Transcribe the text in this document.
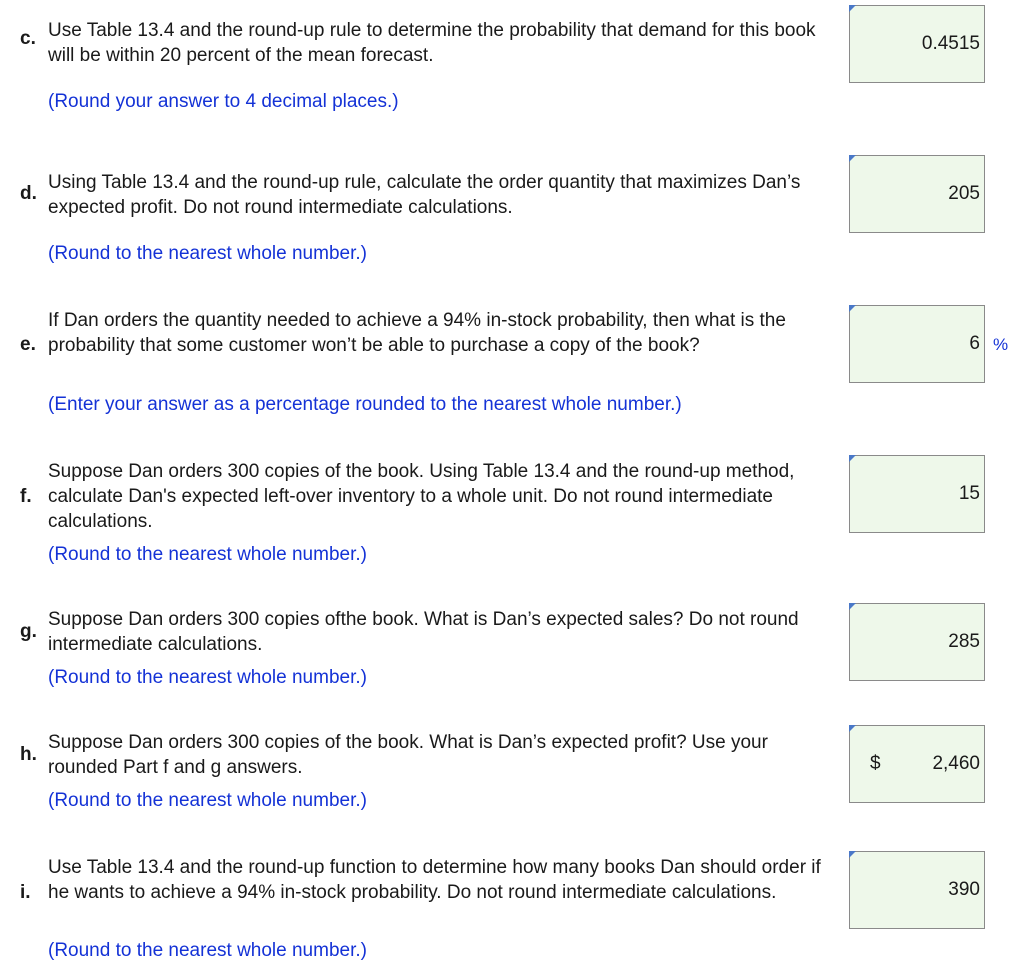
c. Use Table 13.4 and the round-up rule to determine the probability that demand for this book will be within 20 percent of the mean forecast.
(Round your answer to 4 decimal places.)
0.4515
d.
Using Table 13.4 and the round-up rule, calculate the order quantity that maximizes Dan’s expected profit. Do not round intermediate calculations.
(Round to the nearest whole number.)
205
e.
If Dan orders the quantity needed to achieve a 94% in-stock probability, then what is the probability that some customer won’t be able to purchase a copy of the book?
(Enter your answer as a percentage rounded to the nearest whole number.)
6 %
f.
Suppose Dan orders 300 copies of the book. Using Table 13.4 and the round-up method, calculate Dan's expected left-over inventory to a whole unit. Do not round intermediate calculations.
(Round to the nearest whole number.)
15
g.
Suppose Dan orders 300 copies ofthe book. What is Dan’s expected sales? Do not round intermediate calculations.
(Round to the nearest whole number.)
285
h.
Suppose Dan orders 300 copies of the book. What is Dan’s expected profit? Use your rounded Part f and g answers.
(Round to the nearest whole number.)
$	2,460
i.
Use Table 13.4 and the round-up function to determine how many books Dan should order if he wants to achieve a 94% in-stock probability. Do not round intermediate calculations.
(Round to the nearest whole number.)
390
